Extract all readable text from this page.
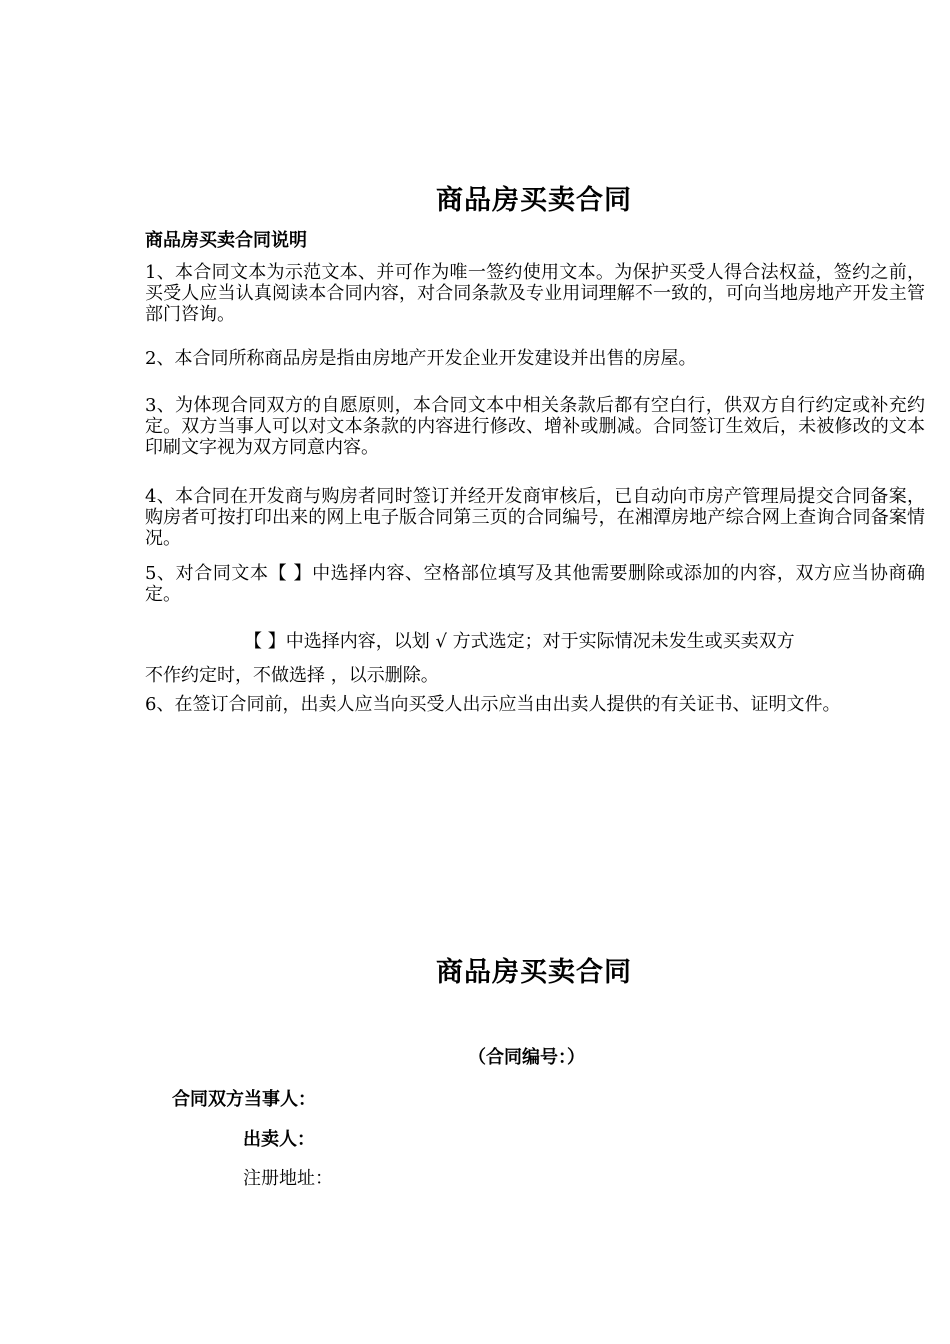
商品房买卖合同
商品房买卖合同说明
1、本合同文本为示范文本、并可作为唯一签约使用文本。为保护买受人得合法权益，签约之前，买受人应当认真阅读本合同内容，对合同条款及专业用词理解不一致的，可向当地房地产开发主管部门咨询。
2、本合同所称商品房是指由房地产开发企业开发建设并出售的房屋。
3、为体现合同双方的自愿原则，本合同文本中相关条款后都有空白行，供双方自行约定或补充约定。双方当事人可以对文本条款的内容进行修改、增补或删减。合同签订生效后，未被修改的文本印刷文字视为双方同意内容。
4、本合同在开发商与购房者同时签订并经开发商审核后，已自动向市房产管理局提交合同备案，购房者可按打印出来的网上电子版合同第三页的合同编号，在湘潭房地产综合网上查询合同备案情况。
5、对合同文本【 】中选择内容、空格部位填写及其他需要删除或添加的内容，双方应当协商确定。
【 】中选择内容，以划 √ 方式选定；对于实际情况未发生或买卖双方
不作约定时，不做选择 ，以示删除。
6、在签订合同前，出卖人应当向买受人出示应当由出卖人提供的有关证书、证明文件。
商品房买卖合同
（合同编号：）
合同双方当事人：
出卖人：
注册地址：
